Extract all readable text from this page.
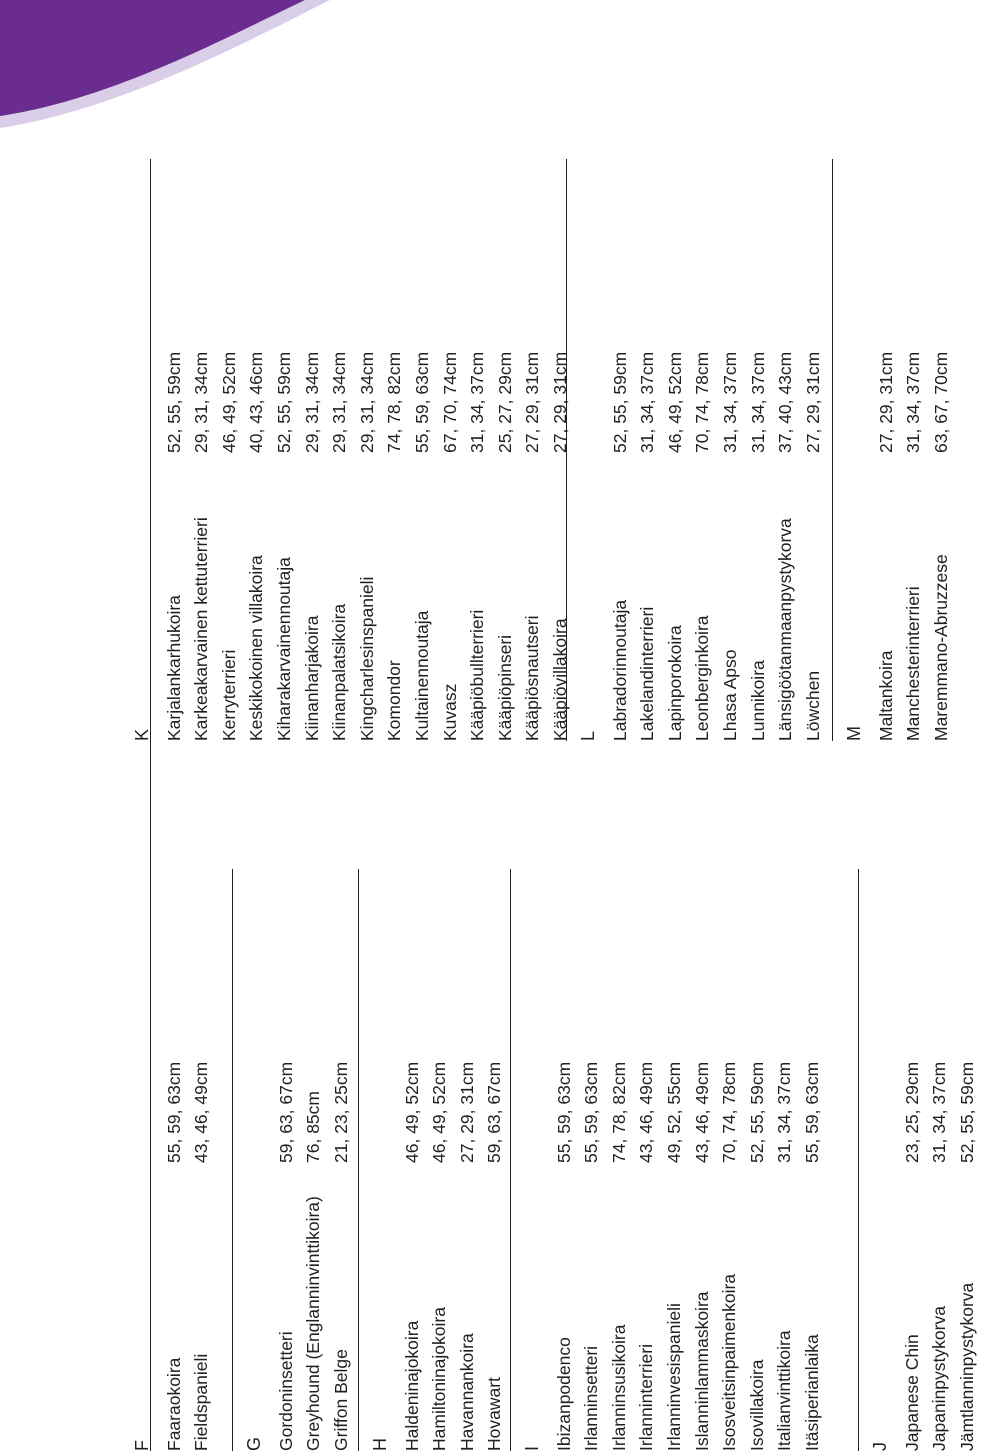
F Faaraokoira
55, 59, 63cm
Fieldspanieli
43, 46, 49cm
G Gordoninsetteri
59, 63, 67cm
Greyhound (Englanninvinttikoira)
76, 85cm
Griffon Belge
21, 23, 25cm
H Haldeninajokoira
46, 49, 52cm
Hamiltoninajokoira
46, 49, 52cm
Havannankoira
27, 29, 31cm
Hovawart
59, 63, 67cm
I Ibizanpodenco
55, 59, 63cm
Irlanninsetteri
55, 59, 63cm
Irlanninsusikoira
74, 78, 82cm
Irlanninterrieri
43, 46, 49cm
Irlanninvesispanieli
49, 52, 55cm
Islanninlammaskoira
43, 46, 49cm
Isosveitsinpaimenkoira
70, 74, 78cm
Isovillakoira
52, 55, 59cm
Italianvinttikoira
31, 34, 37cm
Itäsiperianlaika
55, 59, 63cm
J Japanese Chin
23, 25, 29cm
Japaninpystykorva
31, 34, 37cm
Jämtlanninpystykorva
52, 55, 59cm
K Karjalankarhukoira
52, 55, 59cm
Karkeakarvainen kettuterrieri
29, 31, 34cm
Kerryterrieri
46, 49, 52cm
Keskikokoinen villakoira
40, 43, 46cm
Kiharakarvainennoutaja
52, 55, 59cm
Kiinanharjakoira
29, 31, 34cm
Kiinanpalatsikoira
29, 31, 34cm
Kingcharlesinspanieli
29, 31, 34cm
Komondor
74, 78, 82cm
Kultainennoutaja
55, 59, 63cm
Kuvasz
67, 70, 74cm
Kääpiöbullterrieri
31, 34, 37cm
Kääpiöpinseri
25, 27, 29cm
Kääpiösnautseri
27, 29, 31cm
Kääpiövillakoira
27, 29, 31cm
L Labradorinnoutaja
52, 55, 59cm
Lakelandinterrieri
31, 34, 37cm
Lapinporokoira
46, 49, 52cm
Leonberginkoira
70, 74, 78cm
Lhasa Apso
31, 34, 37cm
Lunnikoira
31, 34, 37cm
Länsigöötanmaanpystykorva
37, 40, 43cm
Löwchen
27, 29, 31cm
M Maltankoira
27, 29, 31cm
Manchesterinterrieri
31, 34, 37cm
Maremmano-Abruzzese
63, 67, 70cm
